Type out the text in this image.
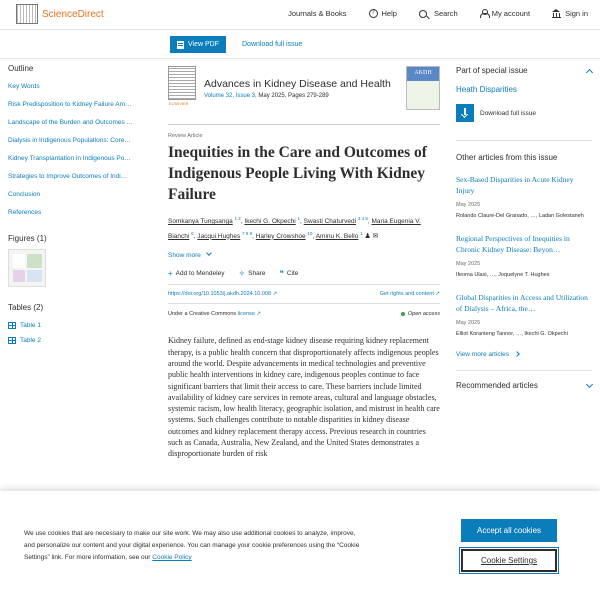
ScienceDirect	Journals & Books	? Help	Search	My account	Sign in
View PDF	Download full issue
Outline
Key Words
Risk Predisposition to Kidney Failure Am…
Landscape of the Burden and Outcomes …
Dialysis in Indigenous Populations: Core…
Kidney Transplantation in Indigenous Po…
Strategies to Improve Outcomes of Indi…
Conclusion
References
Figures (1)
Tables (2)
Table 1
Table 2
ELSEVIER
Advances in Kidney Disease and Health
Volume 32, Issue 3, May 2025, Pages 279-289
AKDH
Review Article
Inequities in the Care and Outcomes of Indigenous People Living With Kidney Failure
Somkanya Tungsanga $^{1 2}$, Ikechi G. Okpechi $^1$, Swasti Chaturvedi $^{3 4 5}$, Maria Eugenia V. Bianchi $^6$, Jacqui Hughes $^{7 8 9}$, Harley Crowshoe $^{10}$, Aminu K. Bello $^1$ ♟ ✉
Show more
+ Add to Mendeley ✧ Share ❝ Cite
https://doi.org/10.1053/j.akdh.2024.10.008 ↗	Get rights and content ↗
Under a Creative Commons license ↗	Open access

Kidney failure, defined as end-stage kidney disease requiring kidney replacement therapy, is a public health concern that disproportionately affects indigenous peoples around the world. Despite advancements in medical technologies and preventive public health interventions in kidney care, indigenous peoples continue to face significant barriers that limit their access to care. These barriers include limited availability of kidney care services in remote areas, cultural and language obstacles, systemic racism, low health literacy, geographic isolation, and mistrust in health care systems. Such challenges contribute to notable disparities in kidney disease outcomes and kidney replacement therapy access. Previous research in countries such as Canada, Australia, New Zealand, and the United States demonstrates a disproportionate burden of risk

Part of special issue
Heath Disparities
Download full issue
Other articles from this issue
Sex-Based Disparities in Acute Kidney Injury
May 2025
Rolando Claure-Del Granado, …, Ladan Golestaneh
Regional Perspectives of Inequities in Chronic Kidney Disease: Beyon…
May 2025
Ifeoma Ulasi, …, Joquelyne T. Hughes
Global Disparities in Access and Utilization of Dialysis – Africa, the…
May 2025
Elliot Koranteng Tannor, …, Ikechi G. Okpechi
View more articles
Recommended articles
We use cookies that are necessary to make our site work. We may also use additional cookies to analyze, improve, and personalize our content and your digital experience. You can manage your cookie preferences using the “Cookie Settings” link. For more information, see our Cookie Policy
Accept all cookies
Cookie Settings
